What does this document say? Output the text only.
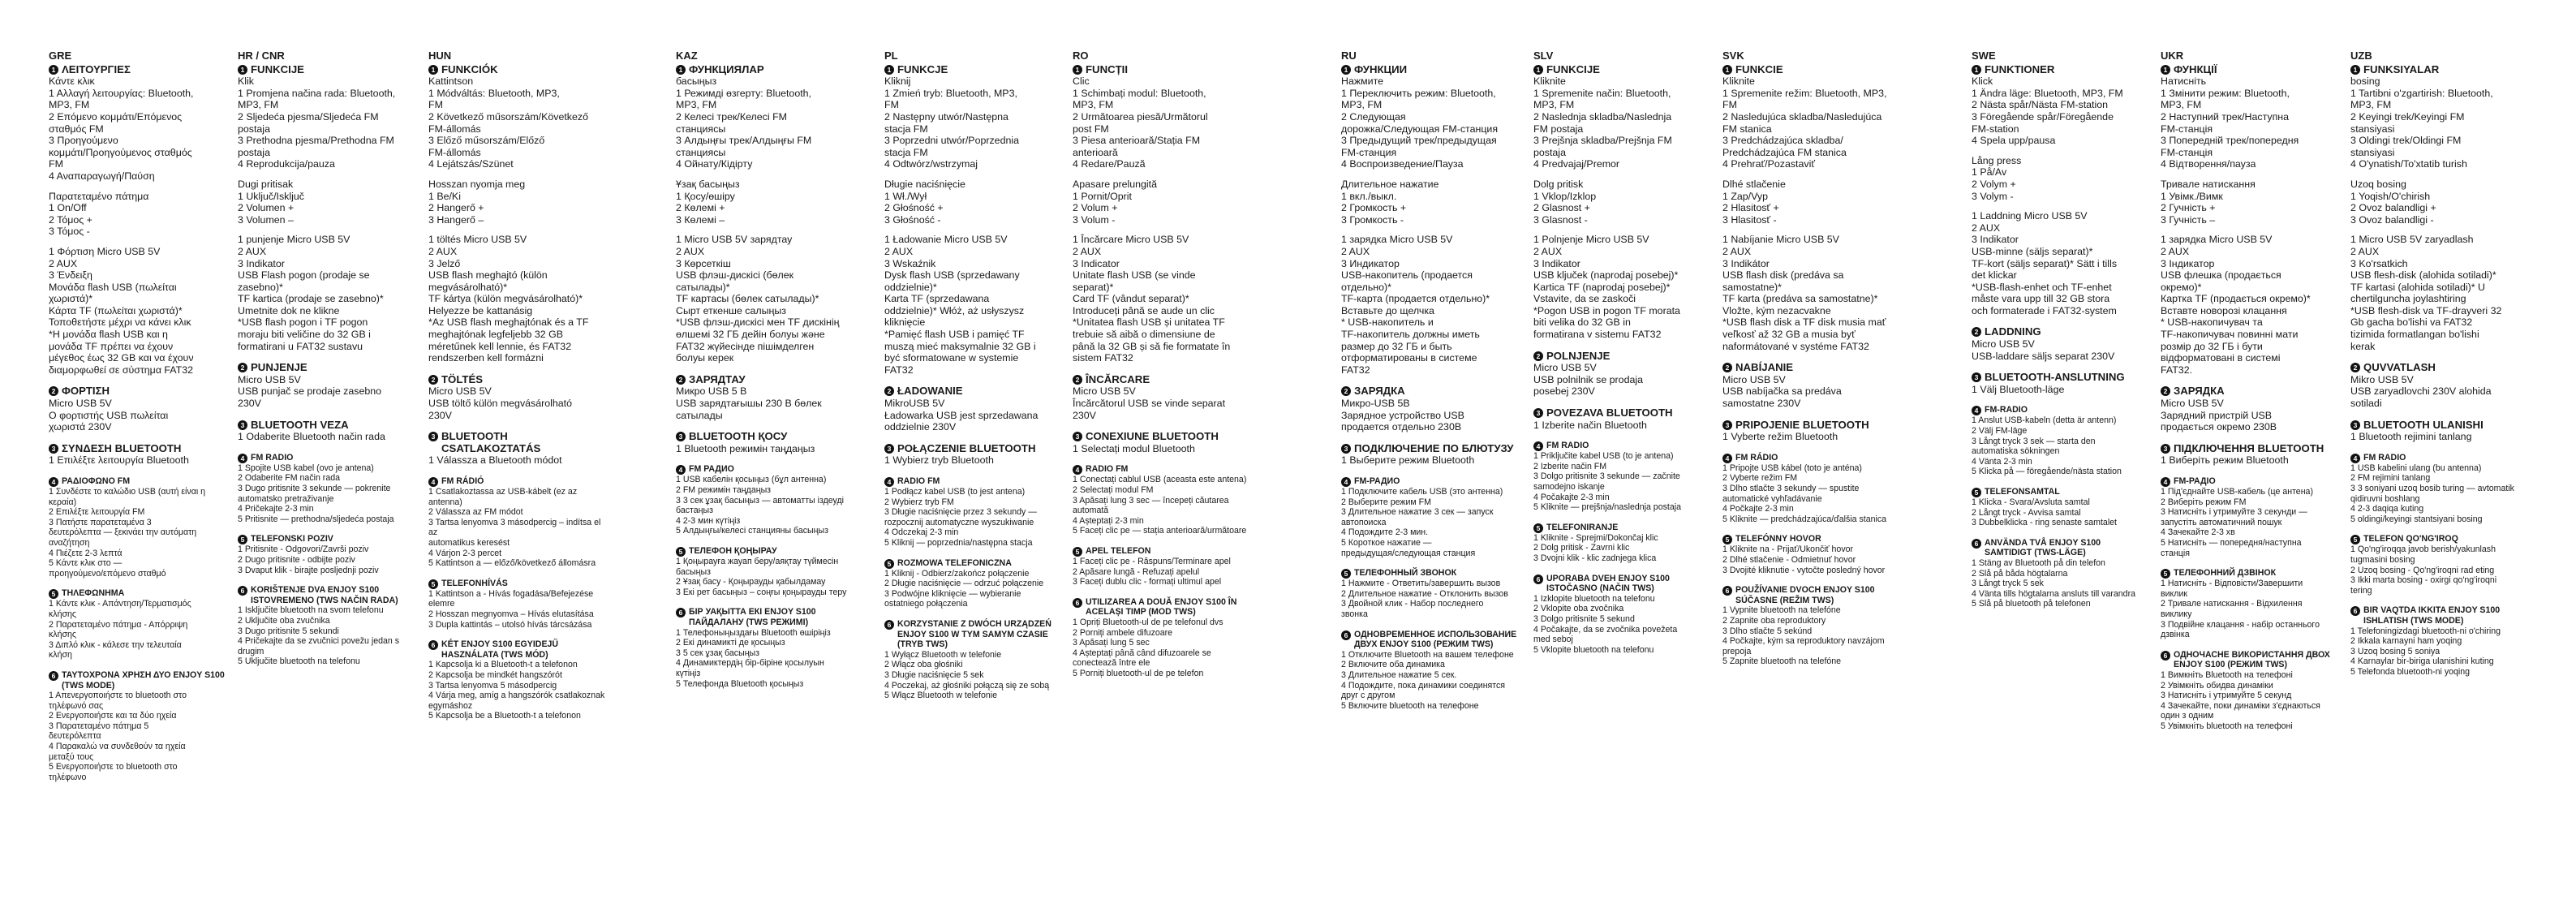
GRE
1 ΛΕΙΤΟΥΡΓΙΕΣ
Κάντε κλικ
1 Αλλαγή λειτουργίας: Bluetooth,
MP3, FM
2 Επόμενο κομμάτι/Επόμενος
σταθμός FM
3 Προηγούμενο
κομμάτι/Προηγούμενος σταθμός
FM
4 Αναπαραγωγή/Παύση
Παρατεταμένο πάτημα
1 On/Off
2 Τόμος +
3 Τόμος -
1 Φόρτιση Micro USB 5V
2 AUX
3 Ένδειξη
Μονάδα flash USB (πωλείται
χωριστά)*
Κάρτα TF (πωλείται χωριστά)*
Τοποθετήστε μέχρι να κάνει κλικ
*Η μονάδα flash USB και η
μονάδα TF πρέπει να έχουν
μέγεθος έως 32 GB και να έχουν
διαμορφωθεί σε σύστημα FAT32
2 ΦΟΡΤΙΣΗ
Micro USB 5V
Ο φορτιστής USB πωλείται
χωριστά 230V
3 ΣΥΝΔΕΣΗ BLUETOOTH
1 Επιλέξτε λειτουργία Bluetooth
4 ΡΑΔΙΟΦΩΝΟ FM
1 Συνδέστε το καλώδιο USB (αυτή είναι η κεραία)
2 Επιλέξτε λειτουργία FM
3 Πατήστε παρατεταμένα 3
δευτερόλεπτα — ξεκινάει την αυτόματη
αναζήτηση
4 Πιέζετε 2-3 λεπτά
5 Κάντε κλικ στο —
προηγούμενο/επόμενο σταθμό
5 ΤΗΛΕΦΩΝΗΜΑ
1 Κάντε κλικ - Απάντηση/Τερματισμός
κλήσης
2 Παρατεταμένο πάτημα - Απόρριψη
κλήσης
3 Διπλό κλικ - κάλεσε την τελευταία
κλήση
6 ΤΑΥΤΟΧΡΟΝΑ ΧΡΗΣΗ ΔΥΟ ENJOY S100 (TWS MODE)
1 Απενεργοποιήστε το bluetooth στο
τηλέφωνό σας
2 Ενεργοποιήστε και τα δύο ηχεία
3 Παρατεταμένο πάτημα 5
δευτερόλεπτα
4 Παρακαλώ να συνδεθούν τα ηχεία
μεταξύ τους
5 Ενεργοποιήστε το bluetooth στο
τηλέφωνο
HR / CNR
1 FUNKCIJE
Klik
1 Promjena načina rada: Bluetooth,
MP3, FM
2 Sljedeća pjesma/Sljedeća FM
postaja
3 Prethodna pjesma/Prethodna FM
postaja
4 Reprodukcija/pauza
Dugi pritisak
1 Uključ/Isključ
2 Volumen +
3 Volumen –
1 punjenje Micro USB 5V
2 AUX
3 Indikator
USB Flash pogon (prodaje se
zasebno)*
TF kartica (prodaje se zasebno)*
Umetnite dok ne klikne
*USB flash pogon i TF pogon
moraju biti veličine do 32 GB i
formatirani u FAT32 sustavu
2 PUNJENJE
Micro USB 5V
USB punjač se prodaje zasebno
230V
3 BLUETOOTH VEZA
1 Odaberite Bluetooth način rada
4 FM RADIO
1 Spojite USB kabel (ovo je antena)
2 Odaberite FM način rada
3 Dugo pritisnite 3 sekunde — pokrenite
automatsko pretraživanje
4 Pričekajte 2-3 min
5 Pritisnite — prethodna/sljedeća postaja
5 TELEFONSKI POZIV
1 Pritisnite - Odgovori/Završi poziv
2 Dugo pritisnite - odbijte poziv
3 Dvaput klik - birajte posljednji poziv
6 KORIŠTENJE DVA ENJOY S100 ISTOVREMENO (TWS NAČIN RADA)
1 Isključite bluetooth na svom telefonu
2 Uključite oba zvučnika
3 Dugo pritisnite 5 sekundi
4 Pričekajte da se zvučnici povežu jedan s
drugim
5 Uključite bluetooth na telefonu
HUN
1 FUNKCIÓK
Kattintson
1 Módváltás: Bluetooth, MP3,
FM
2 Következő műsorszám/Következő
FM-állomás
3 Előző műsorszám/Előző
FM-állomás
4 Lejátszás/Szünet
Hosszan nyomja meg
1 Be/Ki
2 Hangerő +
3 Hangerő –
1 töltés Micro USB 5V
2 AUX
3 Jelző
USB flash meghajtó (külön
megvásárolható)*
TF kártya (külön megvásárolható)*
Helyezze be kattanásig
*Az USB flash meghajtónak és a TF
meghajtónak legfeljebb 32 GB
méretűnek kell lennie, és FAT32
rendszerben kell formázni
2 TÖLTÉS
Micro USB 5V
USB töltő külön megvásárolható
230V
3 BLUETOOTH CSATLAKOZTATÁS
1 Válassza a Bluetooth módot
4 FM RÁDIÓ
1 Csatlakoztassa az USB-kábelt (ez az antenna)
2 Válassza az FM módot
3 Tartsa lenyomva 3 másodpercig – indítsa el az
automatikus keresést
4 Várjon 2-3 percet
5 Kattintson a — előző/következő állomásra
5 TELEFONHÍVÁS
1 Kattintson a - Hívás fogadása/Befejezése
elemre
2 Hosszan megnyomva – Hívás elutasítása
3 Dupla kattintás – utolsó hívás tárcsázása
6 KÉT ENJOY S100 EGYIDEJŰ HASZNÁLATA (TWS MÓD)
1 Kapcsolja ki a Bluetooth-t a telefonon
2 Kapcsolja be mindkét hangszórót
3 Tartsa lenyomva 5 másodpercig
4 Várja meg, amíg a hangszórók csatlakoznak
egymáshoz
5 Kapcsolja be a Bluetooth-t a telefonon
KAZ
1 ФУНКЦИЯЛАР
басыңыз
1 Режимді өзгерту: Bluetooth,
MP3, FM
2 Келесі трек/Келесі FM
станциясы
3 Алдыңғы трек/Алдыңғы FM
станциясы
4 Ойнату/Кідірту
Ұзақ басыңыз
1 Қосу/өшіру
2 Көлемі +
3 Көлемі –
1 Micro USB 5V зарядтау
2 AUX
3 Көрсеткіш
USB флэш-дискісі (бөлек
сатылады)*
TF картасы (бөлек сатылады)*
Сырт еткенше салыңыз
*USB флэш-дискісі мен TF дискінің
өлшемі 32 ГБ дейін болуы және
FAT32 жүйесінде пішімделген
болуы керек
2 ЗАРЯДТАУ
Микро USB 5 В
USB зарядтағышы 230 В бөлек
сатылады
3 BLUETOOTH ҚОСУ
1 Bluetooth режимін таңдаңыз
4 FM РАДИО
1 USB кабелін қосыңыз (бұл антенна)
2 FM режимін таңдаңыз
3 3 сек ұзақ басыңыз — автоматты іздеуді
бастаңыз
4 2-3 мин күтіңіз
5 Алдыңғы/келесі станцияны басыңыз
5 ТЕЛЕФОН ҚОҢЫРАУ
1 Қоңырауға жауап беру/аяқтау түймесін
басыңыз
2 Ұзақ басу - Қоңырауды қабылдамау
3 Екі рет басыңыз – соңғы қоңырауды теру
6 БІР УАҚЫТТА ЕКІ ENJOY S100 ПАЙДАЛАНУ (TWS РЕЖИМІ)
1 Телефоныңыздағы Bluetooth өшіріңіз
2 Екі динамикті де қосыңыз
3 5 сек ұзақ басыңыз
4 Динамиктердің бір-біріне қосылуын
күтіңіз
5 Телефонда Bluetooth қосыңыз
PL
1 FUNKCJE
Kliknij
1 Zmień tryb: Bluetooth, MP3,
FM
2 Następny utwór/Następna
stacja FM
3 Poprzedni utwór/Poprzednia
stacja FM
4 Odtwórz/wstrzymaj
Długie naciśnięcie
1 Wł./Wył
2 Głośność +
3 Głośność -
1 Ładowanie Micro USB 5V
2 AUX
3 Wskaźnik
Dysk flash USB (sprzedawany
oddzielnie)*
Karta TF (sprzedawana
oddzielnie)* Włóż, aż usłyszysz
kliknięcie
*Pamięć flash USB i pamięć TF
muszą mieć maksymalnie 32 GB i
być sformatowane w systemie
FAT32
2 ŁADOWANIE
MikroUSB 5V
Ładowarka USB jest sprzedawana
oddzielnie 230V
3 POŁĄCZENIE BLUETOOTH
1 Wybierz tryb Bluetooth
4 RADIO FM
1 Podłącz kabel USB (to jest antena)
2 Wybierz tryb FM
3 Długie naciśnięcie przez 3 sekundy —
rozpocznij automatyczne wyszukiwanie
4 Odczekaj 2-3 min
5 Kliknij — poprzednia/następna stacja
5 ROZMOWA TELEFONICZNA
1 Kliknij - Odbierz/zakończ połączenie
2 Długie naciśnięcie — odrzuć połączenie
3 Podwójne kliknięcie — wybieranie
ostatniego połączenia
6 KORZYSTANIE Z DWÓCH URZĄDZEŃ ENJOY S100 W TYM SAMYM CZASIE (TRYB TWS)
1 Wyłącz Bluetooth w telefonie
2 Włącz oba głośniki
3 Długie naciśnięcie 5 sek
4 Poczekaj, aż głośniki połączą się ze sobą
5 Włącz Bluetooth w telefonie
RO
1 FUNCȚII
Clic
1 Schimbați modul: Bluetooth,
MP3, FM
2 Următoarea piesă/Următorul
post FM
3 Piesa anterioară/Stația FM
anterioară
4 Redare/Pauză
Apasare prelungită
1 Pornit/Oprit
2 Volum +
3 Volum -
1 Încărcare Micro USB 5V
2 AUX
3 Indicator
Unitate flash USB (se vinde
separat)*
Card TF (vândut separat)*
Introduceți până se aude un clic
*Unitatea flash USB și unitatea TF
trebuie să aibă o dimensiune de
până la 32 GB și să fie formatate în
sistem FAT32
2 ÎNCĂRCARE
Micro USB 5V
Încărcătorul USB se vinde separat
230V
3 CONEXIUNE BLUETOOTH
1 Selectați modul Bluetooth
4 RADIO FM
1 Conectați cablul USB (aceasta este antena)
2 Selectați modul FM
3 Apăsați lung 3 sec — începeți căutarea
automată
4 Așteptați 2-3 min
5 Faceți clic pe — stația anterioară/următoare
5 APEL TELEFON
1 Faceți clic pe - Răspuns/Terminare apel
2 Apăsare lungă - Refuzați apelul
3 Faceți dublu clic - formați ultimul apel
6 UTILIZAREA A DOUĂ ENJOY S100 ÎN ACELAȘI TIMP (MOD TWS)
1 Opriți Bluetooth-ul de pe telefonul dvs
2 Porniți ambele difuzoare
3 Apăsați lung 5 sec
4 Așteptați până când difuzoarele se
conectează între ele
5 Porniți bluetooth-ul de pe telefon
RU
1 ФУНКЦИИ
Нажмите
1 Переключить режим: Bluetooth,
MP3, FM
2 Следующая
дорожка/Следующая FM-станция
3 Предыдущий трек/предыдущая
FM-станция
4 Воспроизведение/Пауза
Длительное нажатие
1 вкл./выкл.
2 Громкость +
3 Громкость -
1 зарядка Micro USB 5V
2 AUX
3 Индикатор
USB-накопитель (продается
отдельно)*
TF-карта (продается отдельно)*
Вставьте до щелчка
* USB-накопитель и
TF-накопитель должны иметь
размер до 32 ГБ и быть
отформатированы в системе
FAT32
2 ЗАРЯДКА
Микро-USB 5В
Зарядное устройство USB
продается отдельно 230В
3 ПОДКЛЮЧЕНИЕ ПО БЛЮТУЗУ
1 Выберите режим Bluetooth
4 FM-РАДИО
1 Подключите кабель USB (это антенна)
2 Выберите режим FM
3 Длительное нажатие 3 сек — запуск
автопоиска
4 Подождите 2-3 мин.
5 Короткое нажатие —
предыдущая/следующая станция
5 ТЕЛЕФОННЫЙ ЗВОНОК
1 Нажмите - Ответить/завершить вызов
2 Длительное нажатие - Отклонить вызов
3 Двойной клик - Набор последнего
звонка
6 ОДНОВРЕМЕННОЕ ИСПОЛЬЗОВАНИЕ ДВУХ ENJOY S100 (РЕЖИМ TWS)
1 Отключите Bluetooth на вашем телефоне
2 Включите оба динамика
3 Длительное нажатие 5 сек.
4 Подождите, пока динамики соединятся
друг с другом
5 Включите bluetooth на телефоне
SLV
1 FUNKCIJE
Kliknite
1 Spremenite način: Bluetooth,
MP3, FM
2 Naslednja skladba/Naslednja
FM postaja
3 Prejšnja skladba/Prejšnja FM
postaja
4 Predvajaj/Premor
Dolg pritisk
1 Vklop/Izklop
2 Glasnost +
3 Glasnost -
1 Polnjenje Micro USB 5V
2 AUX
3 Indikator
USB ključek (naprodaj posebej)*
Kartica TF (naprodaj posebej)*
Vstavite, da se zaskoči
*Pogon USB in pogon TF morata
biti velika do 32 GB in
formatirana v sistemu FAT32
2 POLNJENJE
Micro USB 5V
USB polnilnik se prodaja
posebej 230V
3 POVEZAVA BLUETOOTH
1 Izberite način Bluetooth
4 FM RADIO
1 Priključite kabel USB (to je antena)
2 Izberite način FM
3 Dolgo pritisnite 3 sekunde — začnite
samodejno iskanje
4 Počakajte 2-3 min
5 Kliknite — prejšnja/naslednja postaja
5 TELEFONIRANJE
1 Kliknite - Sprejmi/Dokončaj klic
2 Dolg pritisk - Zavrni klic
3 Dvojni klik - klic zadnjega klica
6 UPORABA DVEH ENJOY S100 ISTOČASNO (NAČIN TWS)
1 Izklopite bluetooth na telefonu
2 Vklopite oba zvočnika
3 Dolgo pritisnite 5 sekund
4 Počakajte, da se zvočnika povežeta
med seboj
5 Vklopite bluetooth na telefonu
SVK
1 FUNKCIE
Kliknite
1 Spremenite režim: Bluetooth, MP3,
FM
2 Nasledujúca skladba/Nasledujúca
FM stanica
3 Predchádzajúca skladba/
Predchádzajúca FM stanica
4 Prehrať/Pozastaviť
Dlhé stlačenie
1 Zap/Vyp
2 Hlasitosť +
3 Hlasitosť -
1 Nabíjanie Micro USB 5V
2 AUX
3 Indikátor
USB flash disk (predáva sa
samostatne)*
TF karta (predáva sa samostatne)*
Vložte, kým nezacvakne
*USB flash disk a TF disk musia mať
veľkosť až 32 GB a musia byť
naformátované v systéme FAT32
2 NABÍJANIE
Micro USB 5V
USB nabíjačka sa predáva
samostatne 230V
3 PRIPOJENIE BLUETOOTH
1 Vyberte režim Bluetooth
4 FM RÁDIO
1 Pripojte USB kábel (toto je anténa)
2 Vyberte režim FM
3 Dlho stlačte 3 sekundy — spustite
automatické vyhľadávanie
4 Počkajte 2-3 min
5 Kliknite — predchádzajúca/ďalšia stanica
5 TELEFÓNNY HOVOR
1 Kliknite na - Prijať/Ukončiť hovor
2 Dlhé stlačenie - Odmietnuť hovor
3 Dvojité kliknutie - vytočte posledný hovor
6 POUŽÍVANIE DVOCH ENJOY S100 SÚČASNE (REŽIM TWS)
1 Vypnite bluetooth na telefóne
2 Zapnite oba reproduktory
3 Dlho stlačte 5 sekúnd
4 Počkajte, kým sa reproduktory navzájom
prepoja
5 Zapnite bluetooth na telefóne
SWE
1 FUNKTIONER
Klick
1 Ändra läge: Bluetooth, MP3, FM
2 Nästa spår/Nästa FM-station
3 Föregående spår/Föregående
FM-station
4 Spela upp/pausa
Lång press
1 På/Av
2 Volym +
3 Volym -
1 Laddning Micro USB 5V
2 AUX
3 Indikator
USB-minne (säljs separat)*
TF-kort (säljs separat)* Sätt i tills
det klickar
*USB-flash-enhet och TF-enhet
måste vara upp till 32 GB stora
och formaterade i FAT32-system
2 LADDNING
Micro USB 5V
USB-laddare säljs separat 230V
3 BLUETOOTH-ANSLUTNING
1 Välj Bluetooth-läge
4 FM-RADIO
1 Anslut USB-kabeln (detta är antenn)
2 Välj FM-läge
3 Långt tryck 3 sek — starta den
automatiska sökningen
4 Vänta 2-3 min
5 Klicka på — föregående/nästa station
5 TELEFONSAMTAL
1 Klicka - Svara/Avsluta samtal
2 Långt tryck - Avvisa samtal
3 Dubbelklicka - ring senaste samtalet
6 ANVÄNDA TVÅ ENJOY S100 SAMTIDIGT (TWS-LÄGE)
1 Stäng av Bluetooth på din telefon
2 Slå på båda högtalarna
3 Långt tryck 5 sek
4 Vänta tills högtalarna ansluts till varandra
5 Slå på bluetooth på telefonen
UKR
1 ФУНКЦІЇ
Натисніть
1 Змінити режим: Bluetooth,
MP3, FM
2 Наступний трек/Наступна
FM-станція
3 Попередній трек/попередня
FM-станція
4 Відтворення/пауза
Тривале натискання
1 Увімк./Вимк
2 Гучність +
3 Гучність –
1 зарядка Micro USB 5V
2 AUX
3 Індикатор
USB флешка (продається
окремо)*
Картка TF (продається окремо)*
Вставте новорозі клацання
* USB-накопичувач та
TF-накопичувач повинні мати
розмір до 32 ГБ і бути
відформатовані в системі
FAT32.
2 ЗАРЯДКА
Micro USB 5V
Зарядний пристрій USB
продається окремо 230В
3 ПІДКЛЮЧЕННЯ BLUETOOTH
1 Виберіть режим Bluetooth
4 FM-РАДІО
1 Під'єднайте USB-кабель (це антена)
2 Виберіть режим FM
3 Натисніть і утримуйте 3 секунди —
запустіть автоматичний пошук
4 Зачекайте 2-3 хв
5 Натисніть — попередня/наступна
станція
5 ТЕЛЕФОННИЙ ДЗВІНОК
1 Натисніть - Відповісти/Завершити
виклик
2 Тривале натискання - Відхилення
виклику
3 Подвійне клацання - набір останнього
дзвінка
6 ОДНОЧАСНЕ ВИКОРИСТАННЯ ДВОХ ENJOY S100 (РЕЖИМ TWS)
1 Вимкніть Bluetooth на телефоні
2 Увімкніть обидва динаміки
3 Натисніть і утримуйте 5 секунд
4 Зачекайте, поки динаміки з'єднаються
один з одним
5 Увімкніть bluetooth на телефоні
UZB
1 FUNKSIYALAR
bosing
1 Tartibni o'zgartirish: Bluetooth,
MP3, FM
2 Keyingi trek/Keyingi FM
stansiyasi
3 Oldingi trek/Oldingi FM
stansiyasi
4 O'ynatish/To'xtatib turish
Uzoq bosing
1 Yoqish/O'chirish
2 Ovoz balandligi +
3 Ovoz balandligi -
1 Micro USB 5V zaryadlash
2 AUX
3 Ko'rsatkich
USB flesh-disk (alohida sotiladi)*
TF kartasi (alohida sotiladi)* U
chertilguncha joylashtiring
*USB flesh-disk va TF-drayveri 32
Gb gacha bo'lishi va FAT32
tizimida formatlangan bo'lishi
kerak
2 QUVVATLASH
Mikro USB 5V
USB zaryadlovchi 230V alohida
sotiladi
3 BLUETOOTH ULANISHI
1 Bluetooth rejimini tanlang
4 FM RADIO
1 USB kabelini ulang (bu antenna)
2 FM rejimini tanlang
3 3 soniyani uzoq bosib turing — avtomatik
qidiruvni boshlang
4 2-3 daqiqa kuting
5 oldingi/keyingi stantsiyani bosing
5 TELEFON QO'NG'IROQ
1 Qo'ng'iroqqa javob berish/yakunlash
tugmasini bosing
2 Uzoq bosing - Qo'ng'iroqni rad eting
3 Ikki marta bosing - oxirgi qo'ng'iroqni
tering
6 BIR VAQTDA IKKITA ENJOY S100 ISHLATISH (TWS MODE)
1 Telefoningizdagi bluetooth-ni o'chiring
2 Ikkala karnayni ham yoqing
3 Uzoq bosing 5 soniya
4 Karnaylar bir-biriga ulanishini kuting
5 Telefonda bluetooth-ni yoqing
